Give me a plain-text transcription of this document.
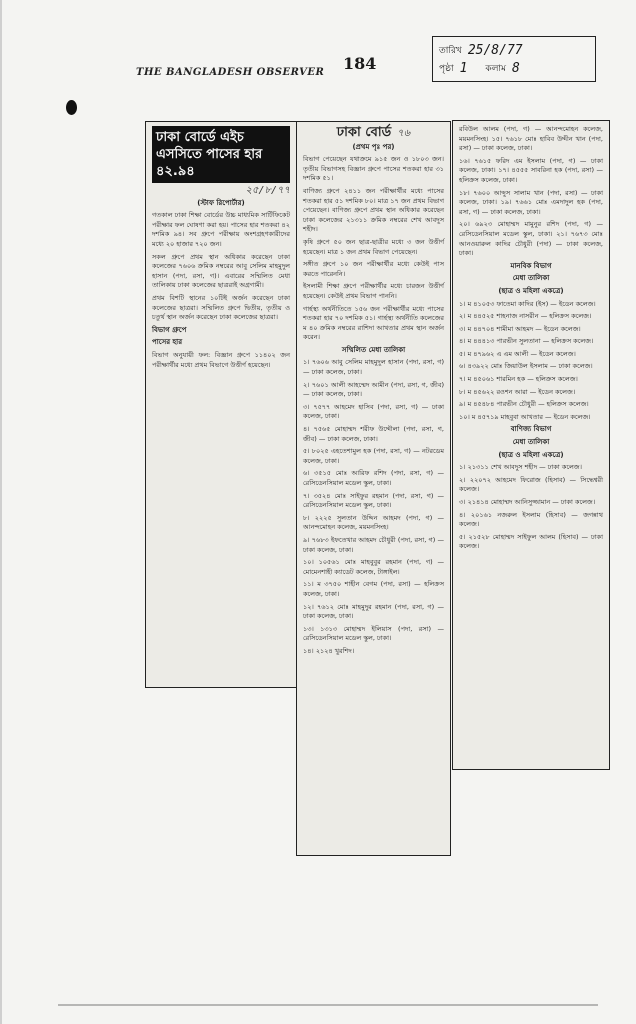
THE BANGLADESH OBSERVER 184
তারিখ 25/8/77
পৃষ্ঠা 1 কলাম 8
ঢাকা বোর্ডে এইচ এসসিতে পাসের হার ৪২.৯৪
২৫/৮/৭৭
(স্টাফ রিপোর্টার)

গতকাল ঢাকা শিক্ষা বোর্ডের উচ্চ মাধ্যমিক সার্টিফিকেট পরীক্ষার ফল ঘোষণা করা হয়। পাসের হার শতকরা ৪২ দশমিক ৯৪। সব গ্রুপে পরীক্ষায় অংশগ্রহণকারীদের মধ্যে ২০ হাজার ৭২০ জন।

সকল গ্রুপে প্রথম স্থান অধিকার করেছেন ঢাকা কলেজের ৭৬০৬ ক্রমিক নম্বরের আবু সেলিম মাহমুদুল হাসান (পদা, রসা, গ)। এবারের সম্মিলিত মেধা তালিকায় ঢাকা কলেজের ছাত্ররাই অগ্রগামী।

প্রথম বিশটি স্থানের ১০টিই অর্জন করেছেন ঢাকা কলেজের ছাত্ররা। সম্মিলিত গ্রুপে দ্বিতীয়, তৃতীয় ও চতুর্থ স্থান অর্জন করেছেন ঢাকা কলেজের ছাত্ররা।

বিভাগ গ্রুপে
পাসের হার

বিভাগ অনুযায়ী ফল: বিজ্ঞান গ্রুপে ১১৪০২ জন পরীক্ষার্থীর মধ্যে প্রথম বিভাগে উত্তীর্ণ হয়েছেন।

ঢাকা বোর্ড ৭৬
(প্রথম পৃঃ পর)

বিভাগ পেয়েছেন যথাক্রমে ৯১৫ জন ও ১৮০৩ জন। তৃতীয় বিভাগসহ বিজ্ঞান গ্রুপে পাসের শতকরা হার ৩১ দশমিক ৫১।

বাণিজ্য গ্রুপে ২৪১১ জন পরীক্ষার্থীর মধ্যে পাসের শতকরা হার ৫১ দশমিক ৮০। মাত্র ১৭ জন প্রথম বিভাগ পেয়েছেন। বাণিজ্য গ্রুপে প্রথম স্থান অধিকার করেছেন ঢাকা কলেজের ২১৩১১ ক্রমিক নম্বরের শেখ আবদুস শহীদ।

কৃষি গ্রুপে ৫০ জন ছাত্র-ছাত্রীর মধ্যে ৩ জন উত্তীর্ণ হয়েছেন। মাত্র ১ জন প্রথম বিভাগ পেয়েছেন।

সঙ্গীত গ্রুপে ১০ জন পরীক্ষার্থীর মধ্যে কেউই পাস করতে পারেননি।

ইসলামী শিক্ষা গ্রুপে পরীক্ষার্থীর মধ্যে চারজন উত্তীর্ণ হয়েছেন। কেউই প্রথম বিভাগ পাননি।

গার্হস্থ্য অর্থনীতিতে ১৫৬ জন পরীক্ষার্থীর মধ্যে পাসের শতকরা হার ৭০ দশমিক ৫১। গার্হস্থ্য অর্থনীতি কলেজের ম ৪০ ক্রমিক নম্বরের রাশিদা আখতার প্রথম স্থান অর্জন করেন।

সম্মিলিত মেধা তালিকা

১। ৭৬০৬ আবু সেলিম মাহমুদুল হাসান (পদা, রসা, গ) — ঢাকা কলেজ, ঢাকা।

২। ৭৬০১ আলী আহম্মেদ আমীন (পদা, রসা, গ, জীব) — ঢাকা কলেজ, ঢাকা।

৩। ৭৫৭৭ আহমেদ হাসিব (পদা, রসা, গ) — ঢাকা কলেজ, ঢাকা।

৪। ৭৫৬৫ মোহাম্মদ শরীফ উদ্দৌলা (পদা, রসা, গ, জীব) — ঢাকা কলেজ, ঢাকা।

৫। ৮০২৫ এহতেশামুল হক (পদা, রসা, গ) — নটরডেম কলেজ, ঢাকা।

৬। ৩৫১৫ মোঃ আরিফ রশিদ (পদা, রসা, গ) — রেসিডেনসিয়াল মডেল স্কুল, ঢাকা।

৭। ৩৫২৪ মোঃ সাইফুর রহমান (পদা, রসা, গ) — রেসিডেনসিয়াল মডেল স্কুল, ঢাকা।

৮। ২২২৫ সুলতান উদ্দিন আহমদ (পদা, গ) — আনন্দমোহন কলেজ, ময়মনসিংহ।

৯। ৭৬৮৩ ইফতেখার আহমদ চৌধুরী (পদা, রসা, গ) — ঢাকা কলেজ, ঢাকা।

১০। ১০৫৬১ মোঃ মাহবুবুর রহমান (পদা, গ) — মোমেনশাহী ক্যাডেট কলেজ, টাঙ্গাইল।

১১। ম ৩৭৫০ শাহীন বেগম (পদা, রসা) — হলিক্রস কলেজ, ঢাকা।

১২। ৭৬১২ মোঃ মাহমুদুর রহমান (পদা, রসা, গ) — ঢাকা কলেজ, ঢাকা।

১৩। ১৩১৩ মোহাম্মদ ইলিয়াস (পদা, রসা) — রেসিডেনসিয়াল মডেল স্কুল, ঢাকা।

১৪। ২১২৪ খুরশিদ।

রবিউল আলম (পদা, গ) — আনন্দমোহন কলেজ, ময়মনসিংহ। ১৫। ৭৬১৮ মোঃ হাবিব উদ্দীন খান (পদা, রসা) — ঢাকা কলেজ, ঢাকা।

১৬। ৭৬১৫ ফরিদ এম ইসলাম (পদা, গ) — ঢাকা কলেজ, ঢাকা। ১৭। ৪৫৫৫ সাবরিনা হক (পদা, রসা) — হলিক্রস কলেজ, ঢাকা।

১৮। ৭৬০০ আব্দুস সালাম খান (পদা, রসা) — ঢাকা কলেজ, ঢাকা। ১৯। ৭৬৬১ মোঃ এমদাদুল হক (পদা, রসা, গ) — ঢাকা কলেজ, ঢাকা।

২০। ৬৯২৩ মোহাম্মদ মামুনুর রশিদ (পদা, গ) — রেসিডেনসিয়াল মডেল স্কুল, ঢাকা। ২১। ৭৬৭৩ মোঃ আনওয়ারুল কাদির চৌধুরী (পদা) — ঢাকা কলেজ, ঢাকা।

মানবিক বিভাগ
মেধা তালিকা
(ছাত্র ও মহিলা একত্রে)

১। ম ৪১০৫৩ ফাতেমা কাদির (ইস) — ইডেন কলেজ।

২। ম ৪৪৫২৫ শাহনাজ নাসরীন — হলিক্রস কলেজ।

৩। ম ৪৪৭০৪ শামীমা আহমদ — ইডেন কলেজ।

৪। ম ৪৪৪১৩ পারভীন সুলতানা — হলিক্রস কলেজ।

৫। ম ৪৭৯৬২ এ এম আলী — ইডেন কলেজ।

৬। ৪৩৯২২ মোঃ জিয়াউল ইসলাম — ঢাকা কলেজ।

৭। ম ৪৫০৬১ শারমিন হক — হলিক্রস কলেজ।

৮। ম ৪৫৬২২ রওশন আরা — ইডেন কলেজ।

৯। ম ৪৫৪৮৪ পারভীন চৌধুরী — হলিক্রস কলেজ।

১০। ম ৪৫৭১৯ মাহবুবা আখতার — ইডেন কলেজ।

বাণিজ্য বিভাগ
মেধা তালিকা
(ছাত্র ও মহিলা একত্রে)

১। ২১৩১১ শেখ আবদুস শহীদ — ঢাকা কলেজ।

২। ২২০৭২ আহমেদ ফিরোজ (হিসাব) — সিদ্ধেশ্বরী কলেজ।

৩। ২১৪১৪ মোহাম্মদ আনিসুজ্জামান — ঢাকা কলেজ।

৪। ২০১৬১ নজরুল ইসলাম (হিসাব) — জগন্নাথ কলেজ।

৫। ২১৫২৮ মোহাম্মদ সাইফুল আলম (হিসাব) — ঢাকা কলেজ।
